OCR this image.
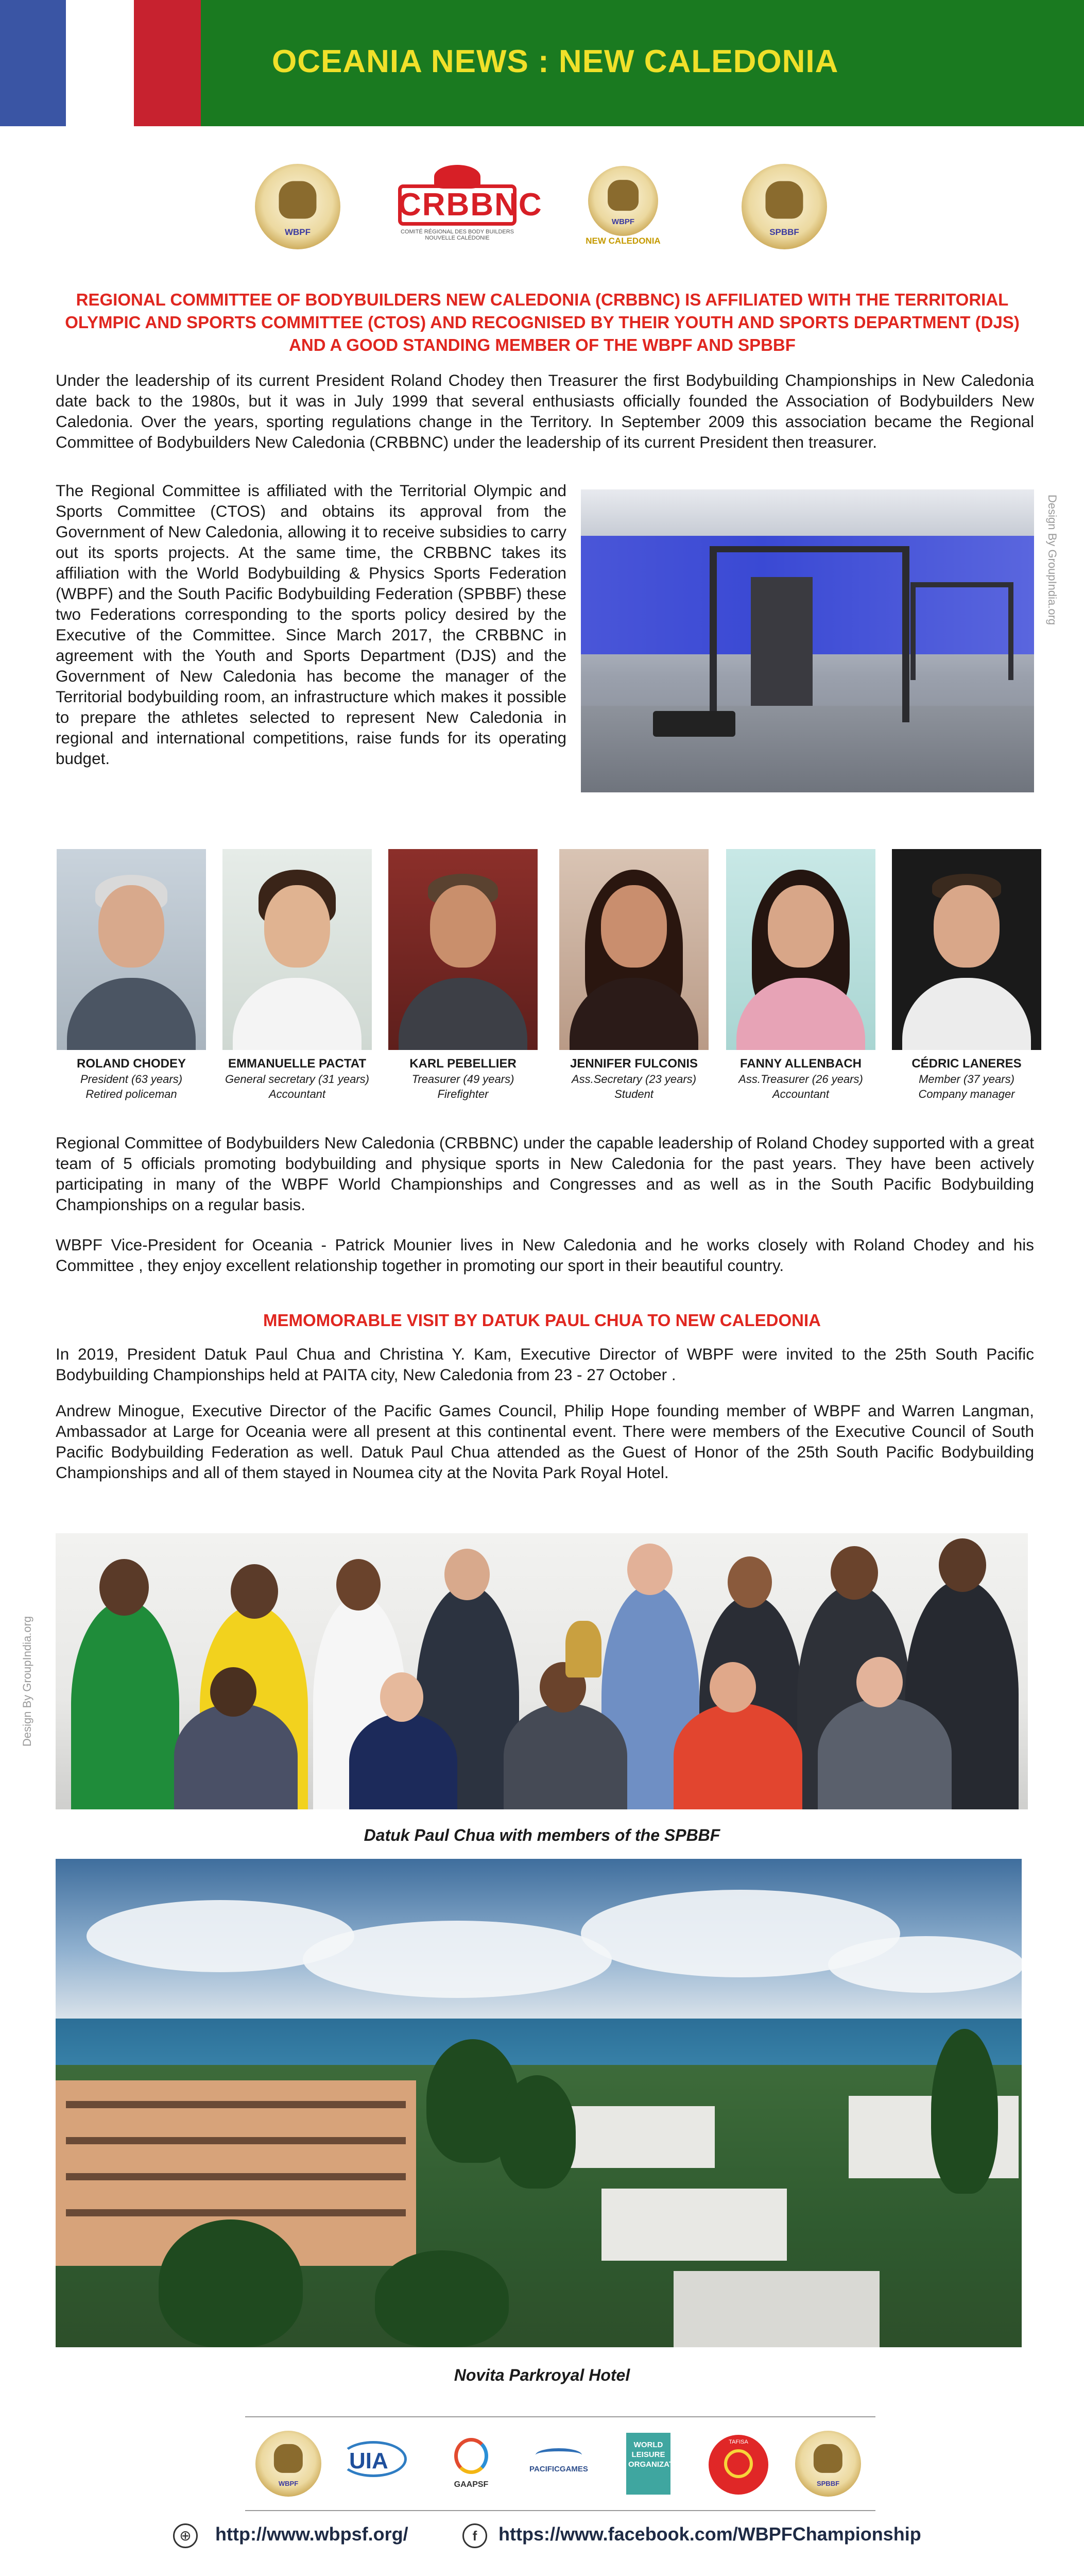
OCEANIA NEWS : NEW CALEDONIA
WBPF
CRBBNC
COMITÉ RÉGIONAL DES BODY BUILDERS NOUVELLE CALÉDONIE
WBPF
NEW CALEDONIA
SPBBF
REGIONAL COMMITTEE OF BODYBUILDERS NEW CALEDONIA (CRBBNC) IS AFFILIATED WITH THE TERRITORIAL OLYMPIC AND SPORTS COMMITTEE (CTOS) AND RECOGNISED BY THEIR YOUTH AND SPORTS DEPARTMENT (DJS) AND A GOOD STANDING MEMBER OF THE WBPF AND SPBBF

Under the leadership of its current President Roland Chodey then Treasurer the first Bodybuilding Championships in New Caledonia date back to the 1980s, but it was in July 1999 that several enthusiasts officially founded the Association of Bodybuilders New Caledonia. Over the years, sporting regulations change in the Territory. In September 2009 this association became the Regional Committee of Bodybuilders New Caledonia (CRBBNC) under the leadership of its current President then treasurer.

The Regional Committee is affiliated with the Territorial Olympic and Sports Committee (CTOS) and obtains its approval from the Government of New Caledonia, allowing it to receive subsidies to carry out its sports projects. At the same time, the CRBBNC takes its affiliation with the World Bodybuilding & Physics Sports Federation (WBPF) and the South Pacific Bodybuilding Federation (SPBBF) these two Federations corresponding to the sports policy desired by the Executive of the Committee. Since March 2017, the CRBBNC in agreement with the Youth and Sports Department (DJS) and the Government of New Caledonia has become the manager of the Territorial bodybuilding room, an infrastructure which makes it possible to prepare the athletes selected to represent New Caledonia in regional and international competitions, raise funds for its operating budget.

Design By GroupIndia.org
ROLAND CHODEY
President (63 years)
Retired policeman
EMMANUELLE PACTAT
General secretary (31 years)
Accountant
KARL PEBELLIER
Treasurer (49 years)
Firefighter
JENNIFER FULCONIS
Ass.Secretary (23 years)
Student
FANNY ALLENBACH
Ass.Treasurer (26 years)
Accountant
CÉDRIC LANERES
Member (37 years)
Company manager

Regional Committee of Bodybuilders New Caledonia (CRBBNC) under the capable leadership of Roland Chodey supported with a great team of 5 officials promoting bodybuilding and physique sports in New Caledonia for the past years. They have been actively participating in many of the WBPF World Championships and Congresses and as well as in the South Pacific Bodybuilding Championships on a regular basis.

WBPF Vice-President for Oceania - Patrick Mounier lives in New Caledonia and he works closely with Roland Chodey and his Committee , they enjoy excellent relationship together in promoting our sport in their beautiful country.

MEMOMORABLE VISIT BY DATUK PAUL CHUA TO NEW CALEDONIA

In 2019, President Datuk Paul Chua and Christina Y. Kam, Executive Director of WBPF were invited to the 25th South Pacific Bodybuilding Championships held at PAITA city, New Caledonia from 23 - 27 October .

Andrew Minogue, Executive Director of the Pacific Games Council, Philip Hope founding member of WBPF and Warren Langman, Ambassador at Large for Oceania were all present at this continental event. There were members of the Executive Council of South Pacific Bodybuilding Federation as well. Datuk Paul Chua attended as the Guest of Honor of the 25th South Pacific Bodybuilding Championships and all of them stayed in Noumea city at the Novita Park Royal Hotel.

Design By GroupIndia.org
Datuk Paul Chua with members of the SPBBF
Novita Parkroyal Hotel
WBPF
UIA
GAAPSF
PACIFICGAMES
WORLD LEISURE ORGANIZATION
TAFISA
SPBBF
⊕	http://www.wbpsf.org/	f	https://www.facebook.com/WBPFChampionship
